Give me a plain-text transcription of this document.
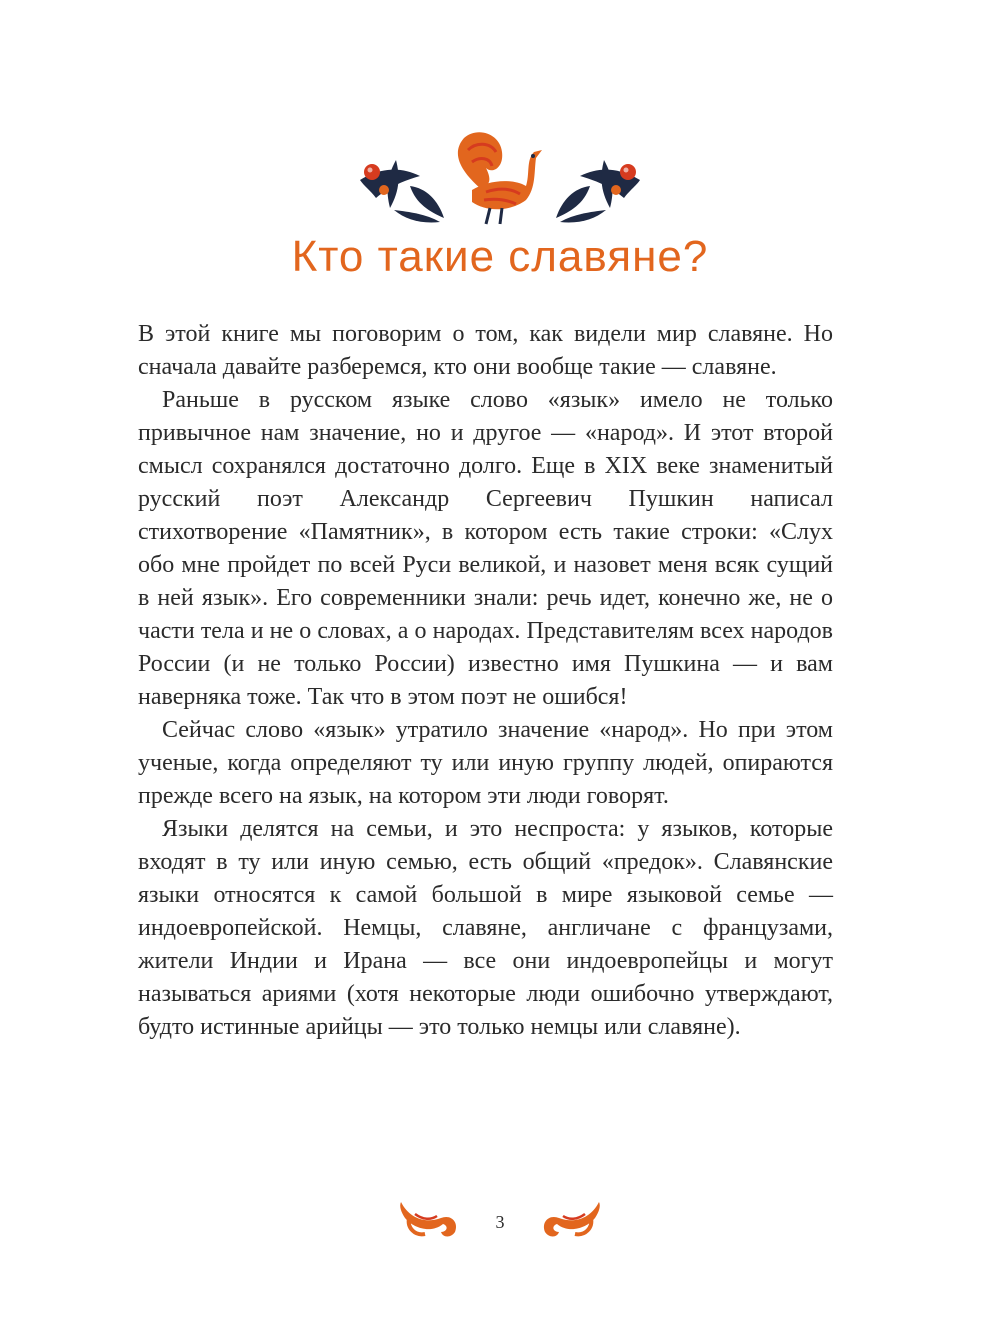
Кто такие славяне?

В этой книге мы поговорим о том, как видели мир славяне. Но сначала давайте разберемся, кто они вообще такие — славяне.

Раньше в русском языке слово «язык» имело не только привычное нам значение, но и другое — «народ». И этот второй смысл сохранялся достаточно долго. Еще в XIX веке знаменитый русский поэт Александр Сергеевич Пушкин написал стихотворение «Памятник», в котором есть такие строки: «Слух обо мне пройдет по всей Руси великой, и назовет меня всяк сущий в ней язык». Его современники знали: речь идет, конечно же, не о части тела и не о словах, а о народах. Представителям всех народов России (и не только России) известно имя Пушкина — и вам наверняка тоже. Так что в этом поэт не ошибся!

Сейчас слово «язык» утратило значение «народ». Но при этом ученые, когда определяют ту или иную группу людей, опираются прежде всего на язык, на котором эти люди говорят.

Языки делятся на семьи, и это неспроста: у языков, которые входят в ту или иную семью, есть общий «предок». Славянские языки относятся к самой большой в мире языковой семье — индоевропейской. Немцы, славяне, англичане с французами, жители Индии и Ирана — все они индоевропейцы и могут называться ариями (хотя некоторые люди ошибочно утверждают, будто истинные арийцы — это только немцы или славяне).

3
